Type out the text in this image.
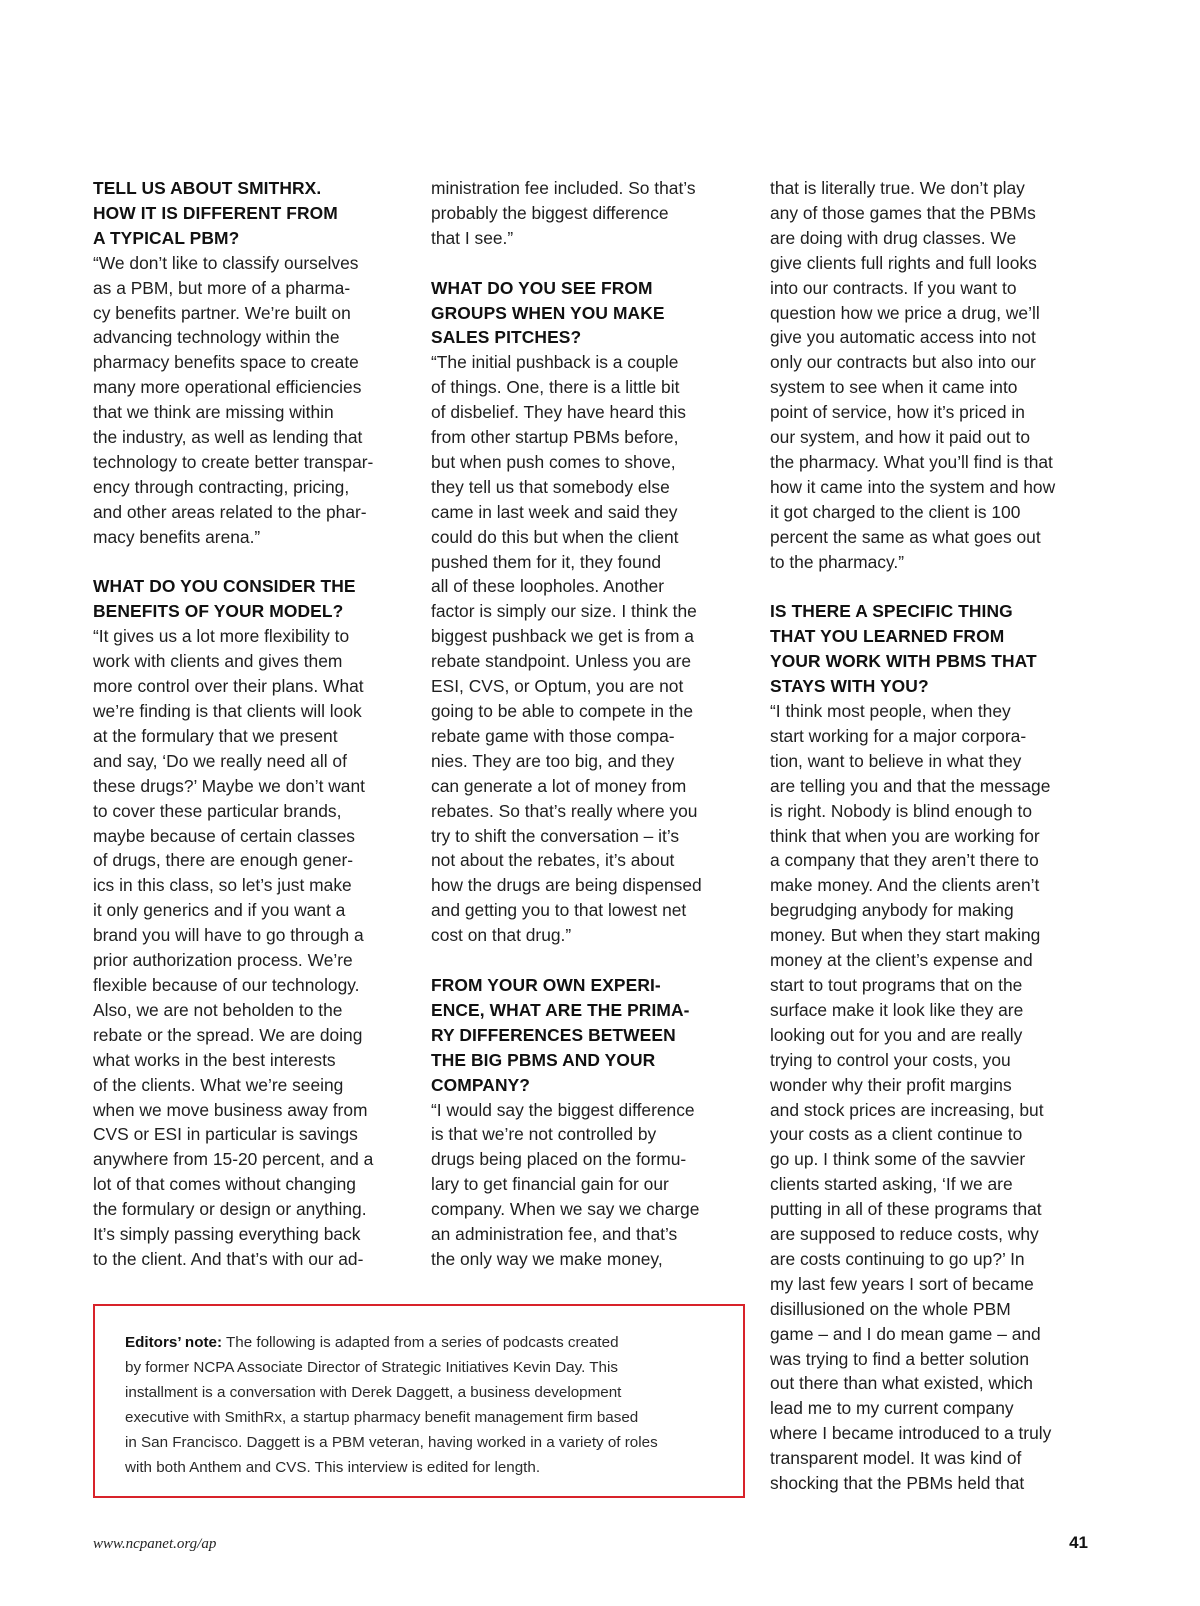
TELL US ABOUT SMITHRX.
HOW IT IS DIFFERENT FROM
A TYPICAL PBM?
“We don’t like to classify ourselves
as a PBM, but more of a pharma-
cy benefits partner. We’re built on
advancing technology within the
pharmacy benefits space to create
many more operational efficiencies
that we think are missing within
the industry, as well as lending that
technology to create better transpar-
ency through contracting, pricing,
and other areas related to the phar-
macy benefits arena.”
WHAT DO YOU CONSIDER THE
BENEFITS OF YOUR MODEL?
“It gives us a lot more flexibility to
work with clients and gives them
more control over their plans. What
we’re finding is that clients will look
at the formulary that we present
and say, ‘Do we really need all of
these drugs?’ Maybe we don’t want
to cover these particular brands,
maybe because of certain classes
of drugs, there are enough gener-
ics in this class, so let’s just make
it only generics and if you want a
brand you will have to go through a
prior authorization process. We’re
flexible because of our technology.
Also, we are not beholden to the
rebate or the spread. We are doing
what works in the best interests
of the clients. What we’re seeing
when we move business away from
CVS or ESI in particular is savings
anywhere from 15-20 percent, and a
lot of that comes without changing
the formulary or design or anything.
It’s simply passing everything back
to the client. And that’s with our ad-
ministration fee included. So that’s
probably the biggest difference
that I see.”
WHAT DO YOU SEE FROM
GROUPS WHEN YOU MAKE
SALES PITCHES?
“The initial pushback is a couple
of things. One, there is a little bit
of disbelief. They have heard this
from other startup PBMs before,
but when push comes to shove,
they tell us that somebody else
came in last week and said they
could do this but when the client
pushed them for it, they found
all of these loopholes. Another
factor is simply our size. I think the
biggest pushback we get is from a
rebate standpoint. Unless you are
ESI, CVS, or Optum, you are not
going to be able to compete in the
rebate game with those compa-
nies. They are too big, and they
can generate a lot of money from
rebates. So that’s really where you
try to shift the conversation – it’s
not about the rebates, it’s about
how the drugs are being dispensed
and getting you to that lowest net
cost on that drug.”
FROM YOUR OWN EXPERI-
ENCE, WHAT ARE THE PRIMA-
RY DIFFERENCES BETWEEN
THE BIG PBMS AND YOUR
COMPANY?
“I would say the biggest difference
is that we’re not controlled by
drugs being placed on the formu-
lary to get financial gain for our
company. When we say we charge
an administration fee, and that’s
the only way we make money,
that is literally true. We don’t play
any of those games that the PBMs
are doing with drug classes. We
give clients full rights and full looks
into our contracts. If you want to
question how we price a drug, we’ll
give you automatic access into not
only our contracts but also into our
system to see when it came into
point of service, how it’s priced in
our system, and how it paid out to
the pharmacy. What you’ll find is that
how it came into the system and how
it got charged to the client is 100
percent the same as what goes out
to the pharmacy.”
IS THERE A SPECIFIC THING
THAT YOU LEARNED FROM
YOUR WORK WITH PBMS THAT
STAYS WITH YOU?
“I think most people, when they
start working for a major corpora-
tion, want to believe in what they
are telling you and that the message
is right. Nobody is blind enough to
think that when you are working for
a company that they aren’t there to
make money. And the clients aren’t
begrudging anybody for making
money. But when they start making
money at the client’s expense and
start to tout programs that on the
surface make it look like they are
looking out for you and are really
trying to control your costs, you
wonder why their profit margins
and stock prices are increasing, but
your costs as a client continue to
go up. I think some of the savvier
clients started asking, ‘If we are
putting in all of these programs that
are supposed to reduce costs, why
are costs continuing to go up?’ In
my last few years I sort of became
disillusioned on the whole PBM
game – and I do mean game – and
was trying to find a better solution
out there than what existed, which
lead me to my current company
where I became introduced to a truly
transparent model. It was kind of
shocking that the PBMs held that
Editors’ note: The following is adapted from a series of podcasts created
by former NCPA Associate Director of Strategic Initiatives Kevin Day. This
installment is a conversation with Derek Daggett, a business development
executive with SmithRx, a startup pharmacy benefit management firm based
in San Francisco. Daggett is a PBM veteran, having worked in a variety of roles
with both Anthem and CVS. This interview is edited for length.
www.ncpanet.org/ap	41
